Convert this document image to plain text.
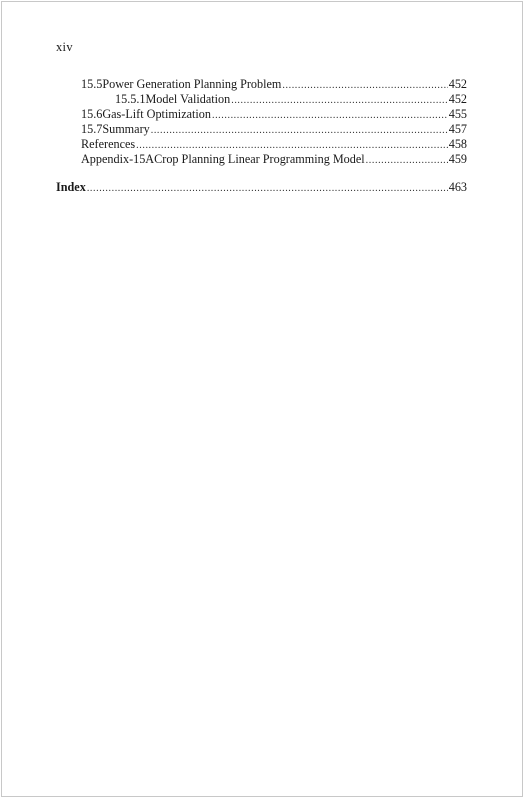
xiv
15.5 Power Generation Planning Problem .....	452
15.5.1 Model Validation .....	452
15.6 Gas-Lift Optimization .....	455
15.7 Summary .....	457
References .....	458
Appendix-15A Crop Planning Linear Programming Model .....	459
Index .....	463
